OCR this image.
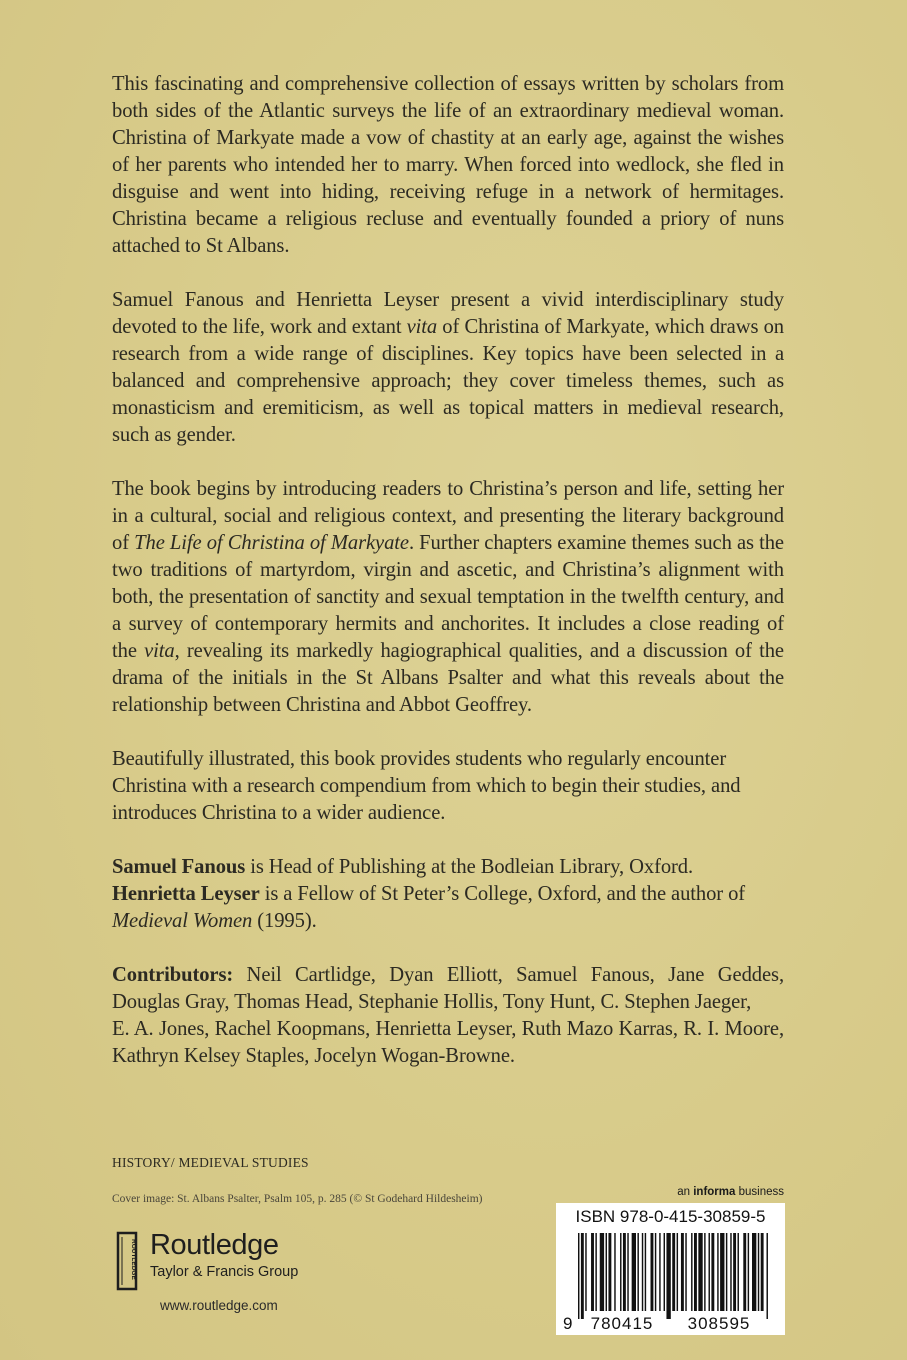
This fascinating and comprehensive collection of essays written by scholars from both sides of the Atlantic surveys the life of an extraordinary medieval woman. Christina of Markyate made a vow of chastity at an early age, against the wishes of her parents who intended her to marry. When forced into wedlock, she fled in disguise and went into hiding, receiving refuge in a network of hermitages. Christina became a religious recluse and eventually founded a priory of nuns attached to St Albans.

Samuel Fanous and Henrietta Leyser present a vivid interdisciplinary study devoted to the life, work and extant vita of Christina of Markyate, which draws on research from a wide range of disciplines. Key topics have been selected in a balanced and comprehensive approach; they cover timeless themes, such as monasticism and eremiticism, as well as topical matters in medieval research, such as gender.

The book begins by introducing readers to Christina’s person and life, setting her in a cultural, social and religious context, and presenting the literary background of The Life of Christina of Markyate. Further chapters examine themes such as the two traditions of martyrdom, virgin and ascetic, and Christina’s alignment with both, the presentation of sanctity and sexual temptation in the twelfth century, and a survey of contemporary hermits and anchorites. It includes a close reading of the vita, revealing its markedly hagiographical qualities, and a discussion of the drama of the initials in the St Albans Psalter and what this reveals about the relationship between Christina and Abbot Geoffrey.

Beautifully illustrated, this book provides students who regularly encounter Christina with a research compendium from which to begin their studies, and introduces Christina to a wider audience.

Samuel Fanous is Head of Publishing at the Bodleian Library, Oxford.
Henrietta Leyser is a Fellow of St Peter’s College, Oxford, and the author of Medieval Women (1995).

Contributors: Neil Cartlidge, Dyan Elliott, Samuel Fanous, Jane Geddes, Douglas Gray, Thomas Head, Stephanie Hollis, Tony Hunt, C. Stephen Jaeger,
E. A. Jones, Rachel Koopmans, Henrietta Leyser, Ruth Mazo Karras, R. I. Moore, Kathryn Kelsey Staples, Jocelyn Wogan-Browne.

HISTORY/ MEDIEVAL STUDIES
Cover image: St. Albans Psalter, Psalm 105, p. 285 (© St Godehard Hildesheim)
an informa business
ROUTLEDGE Routledge
Taylor & Francis Group
www.routledge.com
ISBN 978-0-415-30859-5
9 780415 308595
